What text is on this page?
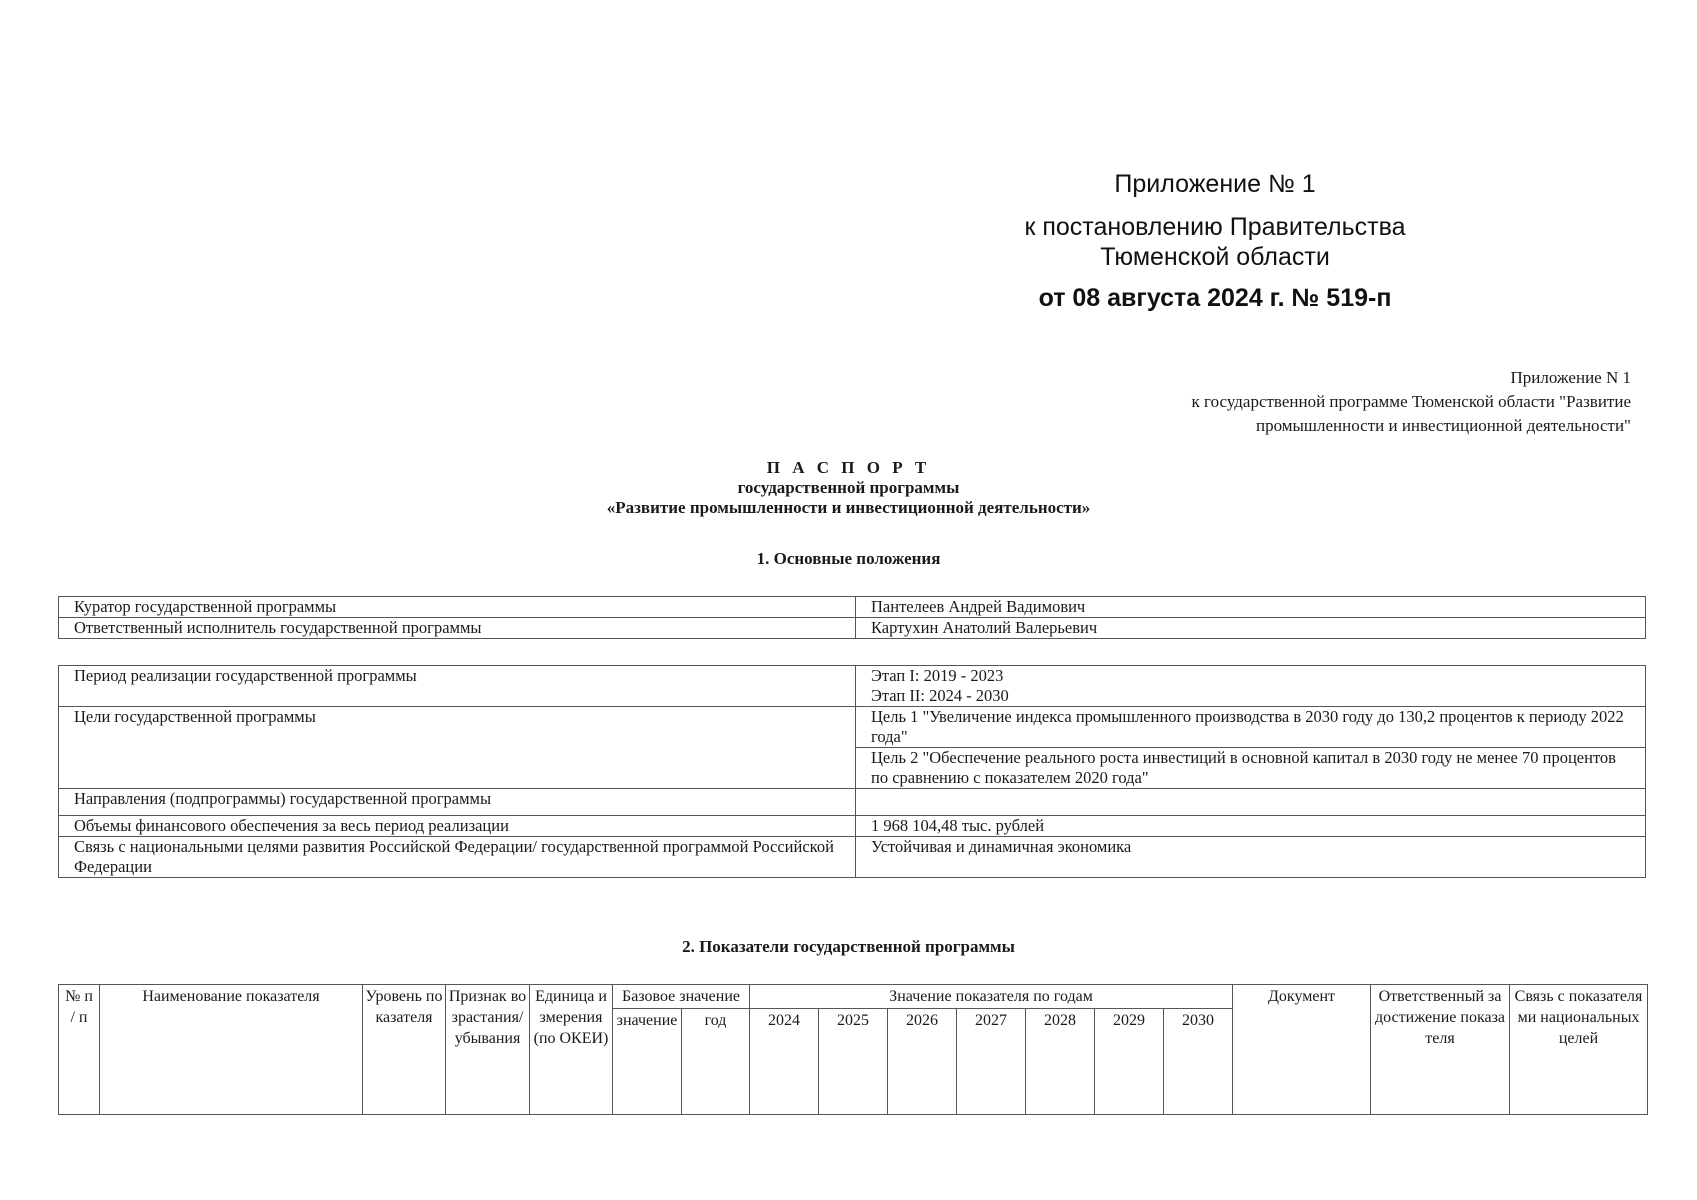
Приложение № 1
к постановлению Правительства
Тюменской области
от 08 августа 2024 г. № 519-п
Приложение N 1
к государственной программе Тюменской области "Развитие
промышленности и инвестиционной деятельности"
П А С П О Р Т
государственной программы
«Развитие промышленности и инвестиционной деятельности»
1. Основные положения
Куратор государственной программы	Пантелеев Андрей Вадимович
Ответственный исполнитель государственной программы	Картухин Анатолий Валерьевич
Период реализации государственной программы	Этап I: 2019 - 2023
Этап II: 2024 - 2030

Цели государственной программы	Цель 1 "Увеличение индекса промышленного производства в 2030 году до 130,2 процентов к периоду 2022 года"
	Цель 2 "Обеспечение реального роста инвестиций в основной капитал в 2030 году не менее 70 процентов по сравнению с показателем 2020 года"
Направления (подпрограммы) государственной программы	
Объемы финансового обеспечения за весь период реализации	1 968 104,48 тыс. рублей
Связь с национальными целями развития Российской Федерации/ государственной программой Российской Федерации	Устойчивая и динамичная экономика
2. Показатели государственной программы
№ п / п	Наименование показателя	Уровень показателя	Признак возрастания/ убывания	Единица измерения (по ОКЕИ)	Базовое значение		Значение показателя по годам							Документ	Ответственный за достижение показателя	Связь с показателями национальных целей
					значение	год	2024	2025	2026	2027	2028	2029	2030			
